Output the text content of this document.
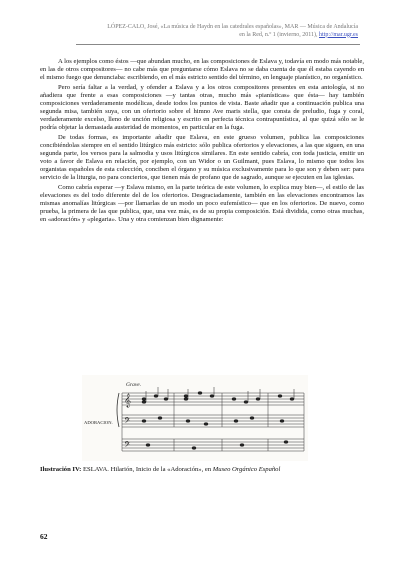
LÓPEZ-CALO, José, «La música de Haydn en las catedrales españolas», MAR — Música de Andalucía
en la Red, n.º 1 (invierno, 2011), http://mar.ugr.es

A los ejemplos como éstos —que abundan mucho, en las composiciones de Eslava y, todavía en modo más notable, en las de otros compositores— no cabe más que preguntarse cómo Eslava no se daba cuenta de que él estaba cayendo en el mismo fuego que denunciaba: escribiendo, en el más estricto sentido del término, en lenguaje pianístico, no organístico.

Pero sería faltar a la verdad, y ofender a Eslava y a los otros compositores presentes en esta antología, si no añadiera que frente a esas composiciones —y tantas otras, mucho más «pianísticas» que ésta— hay también composiciones verdaderamente modélicas, desde todos los puntos de vista. Baste añadir que a continuación publica una segunda misa, también suya, con un ofertorio sobre el himno Ave maris stella, que consta de preludio, fuga y coral, verdaderamente excelso, lleno de unción religiosa y escrito en perfecta técnica contrapuntística, al que quizá sólo se le podría objetar la demasiada austeridad de momentos, en particular en la fuga.

De todas formas, es importante añadir que Eslava, en este grueso volumen, publica las composiciones concibiéndolas siempre en el sentido litúrgico más estricto: sólo publica ofertorios y elevaciones, a las que siguen, en una segunda parte, los versos para la salmodia y usos litúrgicos similares. En este sentido cabría, con toda justicia, emitir un voto a favor de Eslava en relación, por ejemplo, con un Widor o un Guilmant, pues Eslava, lo mismo que todos los organistas españoles de esta colección, conciben el órgano y su música exclusivamente para lo que son y deben ser: para servicio de la liturgia, no para conciertos, que tienen más de profano que de sagrado, aunque se ejecuten en las iglesias.

Como cabría esperar —y Eslava mismo, en la parte teórica de este volumen, lo explica muy bien—, el estilo de las elevaciones es del todo diferente del de los ofertorios. Desgraciadamente, también en las elevaciones encontramos las mismas anomalías litúrgicas —por llamarlas de un modo un poco eufemístico— que en los ofertorios. De nuevo, como prueba, la primera de las que publica, que, una vez más, es de su propia composición. Está dividida, como otras muchas, en «adoración» y «plegaria». Una y otra comienzan bien dignamente:

𝄞
𝄢
𝄢
Grave.
ADORACION.
Ilustración IV: ESLAVA. Hilarión, Inicio de la «Adoración», en Museo Orgánico Español
62
